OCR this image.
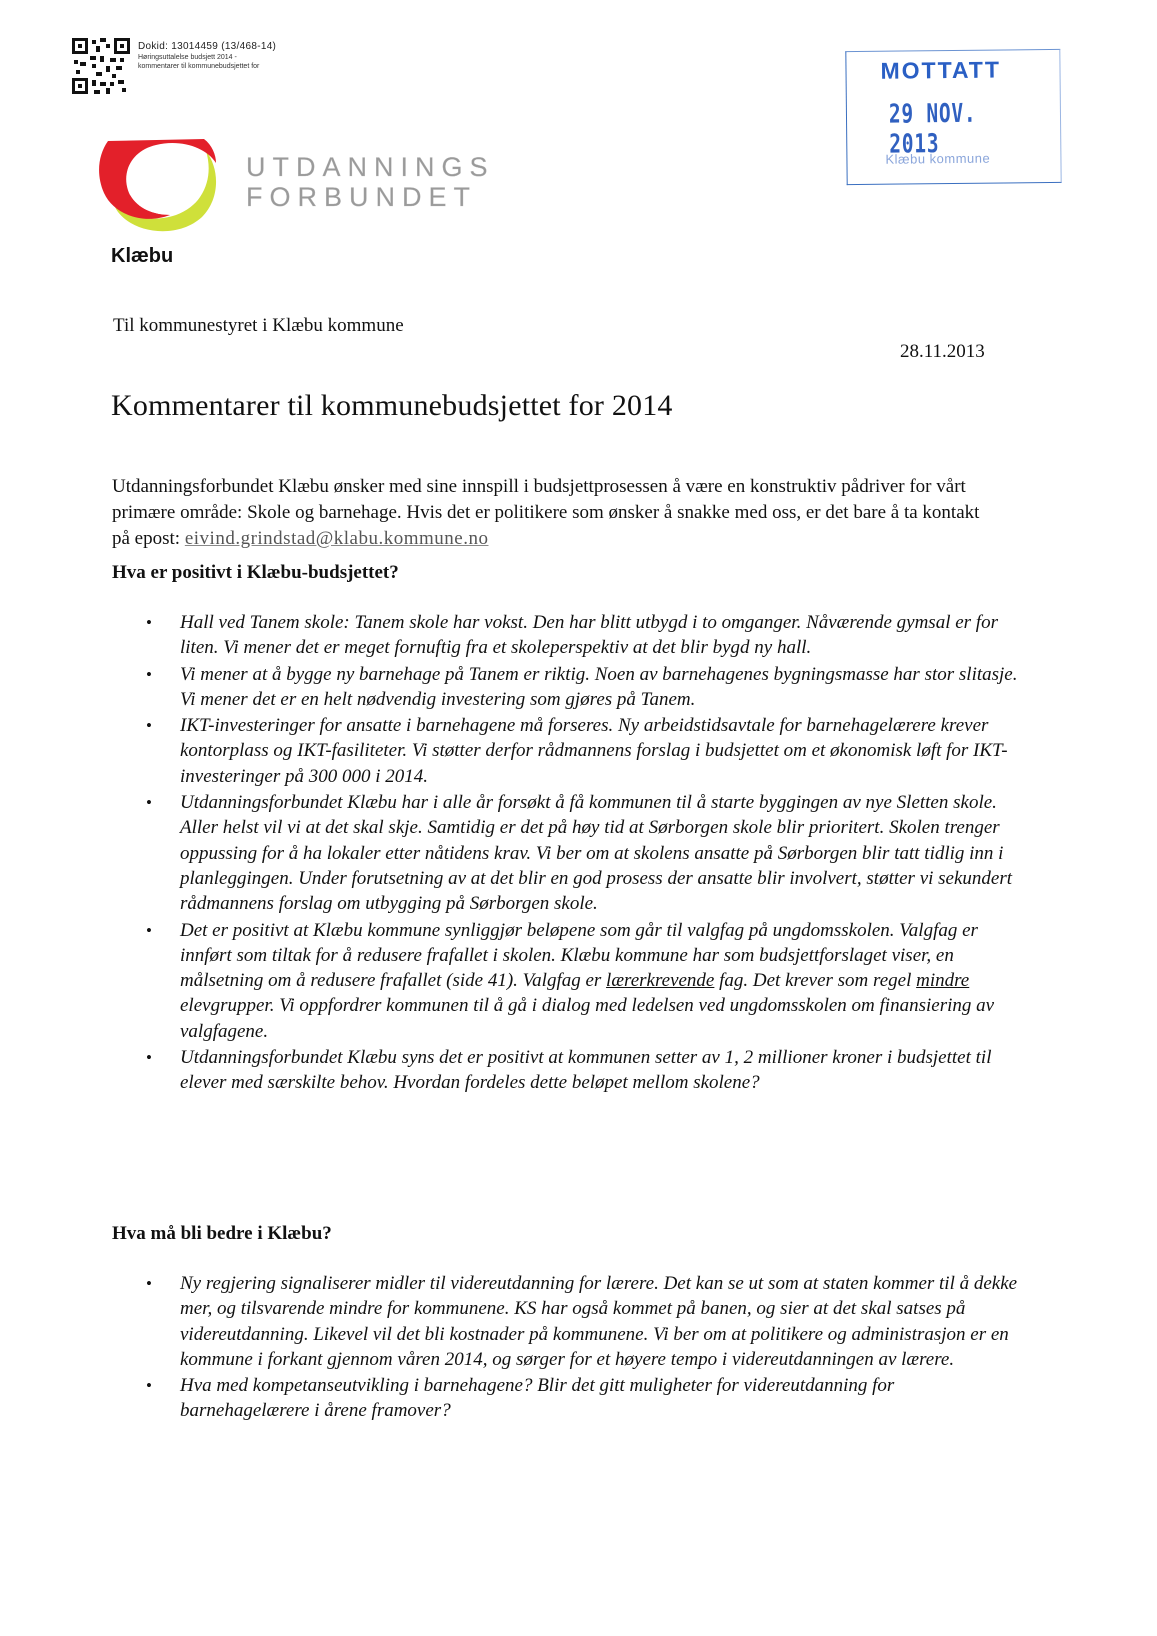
Dokid: 13014459 (13/468-14)
Høringsuttalelse budsjett 2014 -
kommentarer til kommunebudsjettet for	MOTTATT
29 NOV. 2013
Klæbu kommune
UTDANNINGS
FORBUNDET
Klæbu
Til kommunestyret i Klæbu kommune
28.11.2013
Kommentarer til kommunebudsjettet for 2014

Utdanningsforbundet Klæbu ønsker med sine innspill i budsjettprosessen å være en konstruktiv pådriver for vårt primære område: Skole og barnehage. Hvis det er politikere som ønsker å snakke med oss, er det bare å ta kontakt på epost: eivind.grindstad@klabu.kommune.no

Hva er positivt i Klæbu-budsjettet?
• Hall ved Tanem skole: Tanem skole har vokst. Den har blitt utbygd i to omganger. Nåværende gymsal er for liten. Vi mener det er meget fornuftig fra et skoleperspektiv at det blir bygd ny hall.
• Vi mener at å bygge ny barnehage på Tanem er riktig. Noen av barnehagenes bygningsmasse har stor slitasje. Vi mener det er en helt nødvendig investering som gjøres på Tanem.
• IKT-investeringer for ansatte i barnehagene må forseres. Ny arbeidstidsavtale for barnehagelærere krever kontorplass og IKT-fasiliteter. Vi støtter derfor rådmannens forslag i budsjettet om et økonomisk løft for IKT-investeringer på 300 000 i 2014.
• Utdanningsforbundet Klæbu har i alle år forsøkt å få kommunen til å starte byggingen av nye Sletten skole. Aller helst vil vi at det skal skje. Samtidig er det på høy tid at Sørborgen skole blir prioritert. Skolen trenger oppussing for å ha lokaler etter nåtidens krav. Vi ber om at skolens ansatte på Sørborgen blir tatt tidlig inn i planleggingen. Under forutsetning av at det blir en god prosess der ansatte blir involvert, støtter vi sekundert rådmannens forslag om utbygging på Sørborgen skole.
• Det er positivt at Klæbu kommune synliggjør beløpene som går til valgfag på ungdomsskolen. Valgfag er innført som tiltak for å redusere frafallet i skolen. Klæbu kommune har som budsjettforslaget viser, en målsetning om å redusere frafallet (side 41). Valgfag er lærerkrevende fag. Det krever som regel mindre elevgrupper. Vi oppfordrer kommunen til å gå i dialog med ledelsen ved ungdomsskolen om finansiering av valgfagene.
• Utdanningsforbundet Klæbu syns det er positivt at kommunen setter av 1, 2 millioner kroner i budsjettet til elever med særskilte behov. Hvordan fordeles dette beløpet mellom skolene?
Hva må bli bedre i Klæbu?
• Ny regjering signaliserer midler til videreutdanning for lærere. Det kan se ut som at staten kommer til å dekke mer, og tilsvarende mindre for kommunene. KS har også kommet på banen, og sier at det skal satses på videreutdanning. Likevel vil det bli kostnader på kommunene. Vi ber om at politikere og administrasjon er en kommune i forkant gjennom våren 2014, og sørger for et høyere tempo i videreutdanningen av lærere.
• Hva med kompetanseutvikling i barnehagene? Blir det gitt muligheter for videreutdanning for barnehagelærere i årene framover?
